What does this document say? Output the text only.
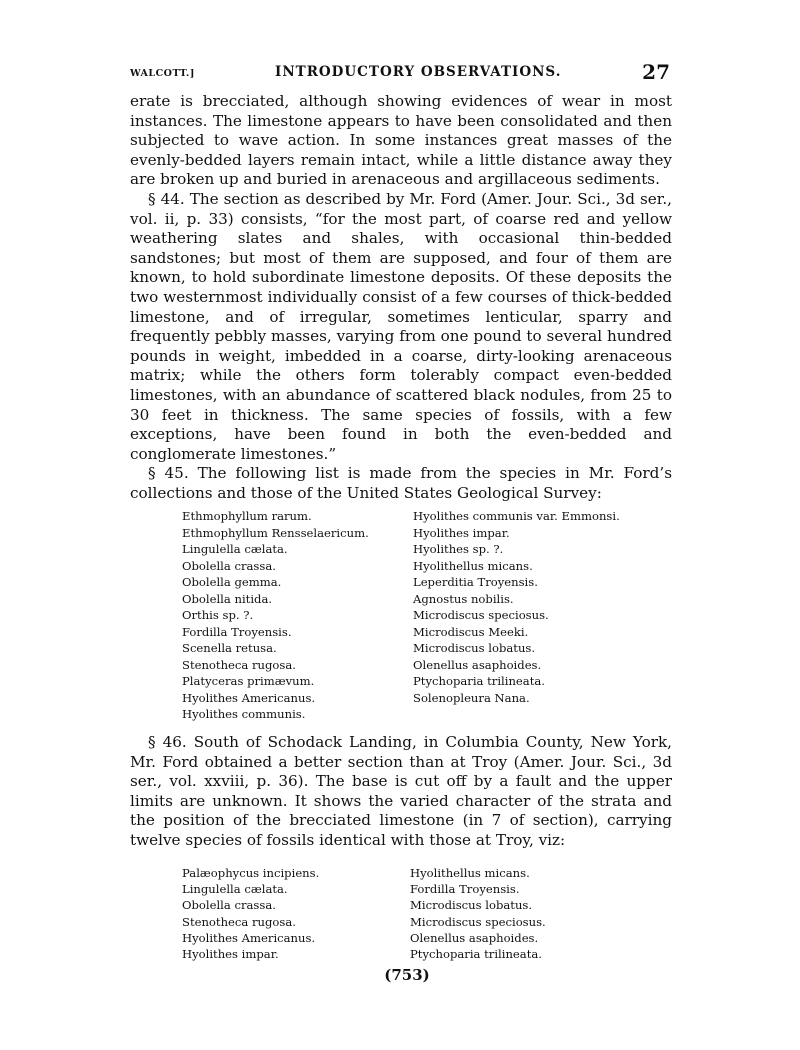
WALCOTT.]	INTRODUCTORY OBSERVATIONS.	27

erate is brecciated, although showing evidences of wear in most instances. The limestone appears to have been consolidated and then subjected to wave action. In some instances great masses of the evenly-bedded layers remain intact, while a little distance away they are broken up and buried in arenaceous and argillaceous sediments.

§ 44. The section as described by Mr. Ford (Amer. Jour. Sci., 3d ser., vol. ii, p. 33) consists, “for the most part, of coarse red and yellow weathering slates and shales, with occasional thin-bedded sandstones; but most of them are supposed, and four of them are known, to hold subordinate limestone deposits. Of these deposits the two westernmost individually consist of a few courses of thick-bedded limestone, and of irregular, sometimes lenticular, sparry and frequently pebbly masses, varying from one pound to several hundred pounds in weight, imbedded in a coarse, dirty-looking arenaceous matrix; while the others form tolerably compact even-bedded limestones, with an abundance of scattered black nodules, from 25 to 30 feet in thickness. The same species of fossils, with a few exceptions, have been found in both the even-bedded and conglomerate limestones.”

§ 45. The following list is made from the species in Mr. Ford’s collections and those of the United States Geological Survey:

Ethmophyllum rarum.
Ethmophyllum Rensselaericum.
Lingulella cælata.
Obolella crassa.
Obolella gemma.
Obolella nitida.
Orthis sp. ?.
Fordilla Troyensis.
Scenella retusa.
Stenotheca rugosa.
Platyceras primævum.
Hyolithes Americanus.
Hyolithes communis.
Hyolithes communis var. Emmonsi.
Hyolithes impar.
Hyolithes sp. ?.
Hyolithellus micans.
Leperditia Troyensis.
Agnostus nobilis.
Microdiscus speciosus.
Microdiscus Meeki.
Microdiscus lobatus.
Olenellus asaphoides.
Ptychoparia trilineata.
Solenopleura Nana.

§ 46. South of Schodack Landing, in Columbia County, New York, Mr. Ford obtained a better section than at Troy (Amer. Jour. Sci., 3d ser., vol. xxviii, p. 36). The base is cut off by a fault and the upper limits are unknown. It shows the varied character of the strata and the position of the brecciated limestone (in 7 of section), carrying twelve species of fossils identical with those at Troy, viz:

Palæophycus incipiens.
Lingulella cælata.
Obolella crassa.
Stenotheca rugosa.
Hyolithes Americanus.
Hyolithes impar.
Hyolithellus micans.
Fordilla Troyensis.
Microdiscus lobatus.
Microdiscus speciosus.
Olenellus asaphoides.
Ptychoparia trilineata.
(753)
